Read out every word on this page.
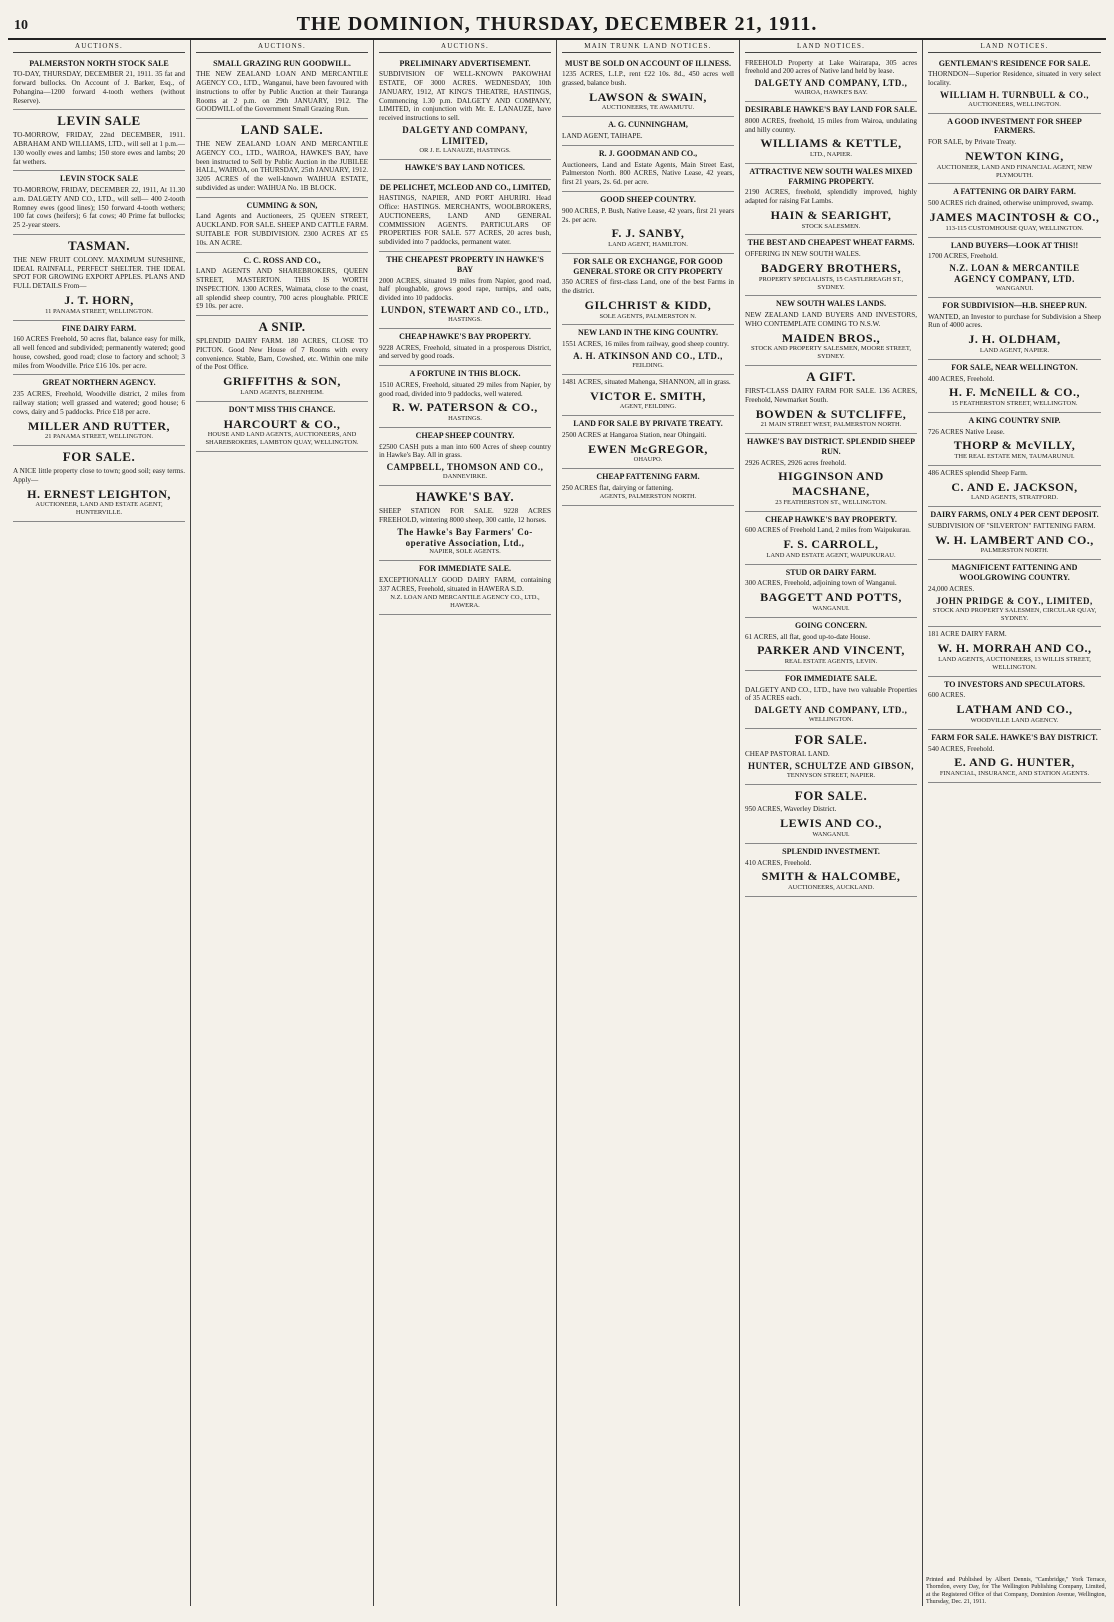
10	THE DOMINION, THURSDAY, DECEMBER 21, 1911.
AUCTIONS.
PALMERSTON NORTH STOCK SALE
TO-DAY, THURSDAY, DECEMBER 21, 1911. 35 fat and forward bullocks. On Account of J. Barker, Esq., of Pohangina—1200 forward 4-tooth wethers (without Reserve).
LEVIN SALE
TO-MORROW, FRIDAY, 22nd DECEMBER, 1911. ABRAHAM AND WILLIAMS, LTD., will sell at 1 p.m.— 130 woolly ewes and lambs; 150 store ewes and lambs; 20 fat wethers.
LEVIN STOCK SALE
TO-MORROW, FRIDAY, DECEMBER 22, 1911, At 11.30 a.m. DALGETY AND CO., LTD., will sell— 400 2-tooth Romney ewes (good lines); 150 forward 4-tooth wethers; 100 fat cows (heifers); 6 fat cows; 40 Prime fat bullocks; 25 2-year steers.
TASMAN.
THE NEW FRUIT COLONY. MAXIMUM SUNSHINE, IDEAL RAINFALL, PERFECT SHELTER. THE IDEAL SPOT FOR GROWING EXPORT APPLES. PLANS AND FULL DETAILS From—
J. T. HORN,
11 PANAMA STREET, WELLINGTON.
FINE DAIRY FARM.
160 ACRES Freehold, 50 acres flat, balance easy for milk, all well fenced and subdivided; permanently watered; good house, cowshed, good road; close to factory and school; 3 miles from Woodville. Price £16 10s. per acre.
GREAT NORTHERN AGENCY.
235 ACRES, Freehold, Woodville district, 2 miles from railway station; well grassed and watered; good house; 6 cows, dairy and 5 paddocks. Price £18 per acre.
MILLER AND RUTTER,
21 PANAMA STREET, WELLINGTON.
FOR SALE.
A NICE little property close to town; good soil; easy terms. Apply—
H. ERNEST LEIGHTON,
AUCTIONEER, LAND AND ESTATE AGENT, HUNTERVILLE.
AUCTIONS.
SMALL GRAZING RUN GOODWILL.
THE NEW ZEALAND LOAN AND MERCANTILE AGENCY CO., LTD., Wanganui, have been favoured with instructions to offer by Public Auction at their Tauranga Rooms at 2 p.m. on 29th JANUARY, 1912. The GOODWILL of the Government Small Grazing Run.
LAND SALE.
THE NEW ZEALAND LOAN AND MERCANTILE AGENCY CO., LTD., WAIROA, HAWKE'S BAY, have been instructed to Sell by Public Auction in the JUBILEE HALL, WAIROA, on THURSDAY, 25th JANUARY, 1912. 3205 ACRES of the well-known WAIHUA ESTATE, subdivided as under: WAIHUA No. 1B BLOCK.
CUMMING & SON,
Land Agents and Auctioneers, 25 QUEEN STREET, AUCKLAND. FOR SALE. SHEEP AND CATTLE FARM. SUITABLE FOR SUBDIVISION. 2300 ACRES AT £5 10s. AN ACRE.
C. C. ROSS AND CO.,
LAND AGENTS AND SHAREBROKERS, QUEEN STREET, MASTERTON. THIS IS WORTH INSPECTION. 1300 ACRES, Waimata, close to the coast, all splendid sheep country, 700 acres ploughable. PRICE £9 10s. per acre.
A SNIP.
SPLENDID DAIRY FARM. 180 ACRES, CLOSE TO PICTON. Good New House of 7 Rooms with every convenience. Stable, Barn, Cowshed, etc. Within one mile of the Post Office.
GRIFFITHS & SON,
LAND AGENTS, BLENHEIM.
DON'T MISS THIS CHANCE.
HARCOURT & CO.,
HOUSE AND LAND AGENTS, AUCTIONEERS, AND SHAREBROKERS, LAMBTON QUAY, WELLINGTON.
AUCTIONS.
PRELIMINARY ADVERTISEMENT.
SUBDIVISION OF WELL-KNOWN PAKOWHAI ESTATE, OF 3000 ACRES. WEDNESDAY, 10th JANUARY, 1912, AT KING'S THEATRE, HASTINGS, Commencing 1.30 p.m. DALGETY AND COMPANY, LIMITED, in conjunction with Mr. E. LANAUZE, have received instructions to sell.
DALGETY AND COMPANY, LIMITED,
OR J. E. LANAUZE, HASTINGS.
HAWKE'S BAY LAND NOTICES.
DE PELICHET, MCLEOD AND CO., LIMITED,
HASTINGS, NAPIER, AND PORT AHURIRI. Head Office: HASTINGS. MERCHANTS, WOOLBROKERS, AUCTIONEERS, LAND AND GENERAL COMMISSION AGENTS. PARTICULARS OF PROPERTIES FOR SALE. 577 ACRES, 20 acres bush, subdivided into 7 paddocks, permanent water.
THE CHEAPEST PROPERTY IN HAWKE'S BAY
2000 ACRES, situated 19 miles from Napier, good road, half ploughable, grows good rape, turnips, and oats, divided into 10 paddocks.
LUNDON, STEWART AND CO., LTD.,
HASTINGS.
CHEAP HAWKE'S BAY PROPERTY.
9228 ACRES, Freehold, situated in a prosperous District, and served by good roads.
A FORTUNE IN THIS BLOCK.
1510 ACRES, Freehold, situated 29 miles from Napier, by good road, divided into 9 paddocks, well watered.
R. W. PATERSON & CO.,
HASTINGS.
CHEAP SHEEP COUNTRY.
£2500 CASH puts a man into 600 Acres of sheep country in Hawke's Bay. All in grass.
CAMPBELL, THOMSON AND CO.,
DANNEVIRKE.
HAWKE'S BAY.
SHEEP STATION FOR SALE. 9228 ACRES FREEHOLD, wintering 8000 sheep, 300 cattle, 12 horses.
The Hawke's Bay Farmers' Co-operative Association, Ltd.,
NAPIER, SOLE AGENTS.
FOR IMMEDIATE SALE.
EXCEPTIONALLY GOOD DAIRY FARM, containing 337 ACRES, Freehold, situated in HAWERA S.D.
N.Z. LOAN AND MERCANTILE AGENCY CO., LTD., HAWERA.
MAIN TRUNK LAND NOTICES.
MUST BE SOLD ON ACCOUNT OF ILLNESS.
1235 ACRES, L.I.P., rent £22 10s. 8d., 450 acres well grassed, balance bush.
LAWSON & SWAIN,
AUCTIONEERS, TE AWAMUTU.
A. G. CUNNINGHAM,
LAND AGENT, TAIHAPE.
R. J. GOODMAN AND CO.,
Auctioneers, Land and Estate Agents, Main Street East, Palmerston North. 800 ACRES, Native Lease, 42 years, first 21 years, 2s. 6d. per acre.
GOOD SHEEP COUNTRY.
900 ACRES, P. Bush, Native Lease, 42 years, first 21 years 2s. per acre.
F. J. SANBY,
LAND AGENT, HAMILTON.
FOR SALE OR EXCHANGE, FOR GOOD GENERAL STORE OR CITY PROPERTY
350 ACRES of first-class Land, one of the best Farms in the district.
GILCHRIST & KIDD,
SOLE AGENTS, PALMERSTON N.
NEW LAND IN THE KING COUNTRY.
1551 ACRES, 16 miles from railway, good sheep country.
A. H. ATKINSON AND CO., LTD.,
FEILDING.
1481 ACRES, situated Mahenga, SHANNON, all in grass.
VICTOR E. SMITH,
AGENT, FEILDING.
LAND FOR SALE BY PRIVATE TREATY.
2500 ACRES at Hangaroa Station, near Ohingaiti.
EWEN McGREGOR,
OHAUPO.
CHEAP FATTENING FARM.
250 ACRES flat, dairying or fattening.
AGENTS, PALMERSTON NORTH.
LAND NOTICES.
FREEHOLD Property at Lake Wairarapa, 305 acres freehold and 200 acres of Native land held by lease.
DALGETY AND COMPANY, LTD.,
WAIROA, HAWKE'S BAY.
DESIRABLE HAWKE'S BAY LAND FOR SALE.
8000 ACRES, freehold, 15 miles from Wairoa, undulating and hilly country.
WILLIAMS & KETTLE,
LTD., NAPIER.
ATTRACTIVE NEW SOUTH WALES MIXED FARMING PROPERTY.
2190 ACRES, freehold, splendidly improved, highly adapted for raising Fat Lambs.
HAIN & SEARIGHT,
STOCK SALESMEN.
THE BEST AND CHEAPEST WHEAT FARMS.
OFFERING IN NEW SOUTH WALES.
BADGERY BROTHERS,
PROPERTY SPECIALISTS, 15 CASTLEREAGH ST., SYDNEY.
NEW SOUTH WALES LANDS.
NEW ZEALAND LAND BUYERS AND INVESTORS, WHO CONTEMPLATE COMING TO N.S.W.
MAIDEN BROS.,
STOCK AND PROPERTY SALESMEN, MOORE STREET, SYDNEY.
A GIFT.
FIRST-CLASS DAIRY FARM FOR SALE. 136 ACRES, Freehold, Newmarket South.
BOWDEN & SUTCLIFFE,
21 MAIN STREET WEST, PALMERSTON NORTH.
HAWKE'S BAY DISTRICT. SPLENDID SHEEP RUN.
2926 ACRES, 2926 acres freehold.
HIGGINSON AND MACSHANE,
23 FEATHERSTON ST., WELLINGTON.
CHEAP HAWKE'S BAY PROPERTY.
600 ACRES of Freehold Land, 2 miles from Waipukurau.
F. S. CARROLL,
LAND AND ESTATE AGENT, WAIPUKURAU.
STUD OR DAIRY FARM.
300 ACRES, Freehold, adjoining town of Wanganui.
BAGGETT AND POTTS,
WANGANUI.
GOING CONCERN.
61 ACRES, all flat, good up-to-date House.
PARKER AND VINCENT,
REAL ESTATE AGENTS, LEVIN.
FOR IMMEDIATE SALE.
DALGETY AND CO., LTD., have two valuable Properties of 35 ACRES each.
DALGETY AND COMPANY, LTD.,
WELLINGTON.
FOR SALE.
CHEAP PASTORAL LAND.
HUNTER, SCHULTZE AND GIBSON,
TENNYSON STREET, NAPIER.
FOR SALE.
950 ACRES, Waverley District.
LEWIS AND CO.,
WANGANUI.
SPLENDID INVESTMENT.
410 ACRES, Freehold.
SMITH & HALCOMBE,
AUCTIONEERS, AUCKLAND.
LAND NOTICES.
GENTLEMAN'S RESIDENCE FOR SALE.
THORNDON—Superior Residence, situated in very select locality.
WILLIAM H. TURNBULL & CO.,
AUCTIONEERS, WELLINGTON.
A GOOD INVESTMENT FOR SHEEP FARMERS.
FOR SALE, by Private Treaty.
NEWTON KING,
AUCTIONEER, LAND AND FINANCIAL AGENT, NEW PLYMOUTH.
A FATTENING OR DAIRY FARM.
500 ACRES rich drained, otherwise unimproved, swamp.
JAMES MACINTOSH & CO.,
113-115 CUSTOMHOUSE QUAY, WELLINGTON.
LAND BUYERS—LOOK AT THIS!!
1700 ACRES, Freehold.
N.Z. LOAN & MERCANTILE AGENCY COMPANY, LTD.
WANGANUI.
FOR SUBDIVISION—H.B. SHEEP RUN.
WANTED, an Investor to purchase for Subdivision a Sheep Run of 4000 acres.
J. H. OLDHAM,
LAND AGENT, NAPIER.
FOR SALE, NEAR WELLINGTON.
400 ACRES, Freehold.
H. F. McNEILL & CO.,
15 FEATHERSTON STREET, WELLINGTON.
A KING COUNTRY SNIP.
726 ACRES Native Lease.
THORP & McVILLY,
THE REAL ESTATE MEN, TAUMARUNUI.
486 ACRES splendid Sheep Farm.
C. AND E. JACKSON,
LAND AGENTS, STRATFORD.
DAIRY FARMS, ONLY 4 PER CENT DEPOSIT.
SUBDIVISION OF "SILVERTON" FATTENING FARM.
W. H. LAMBERT AND CO.,
PALMERSTON NORTH.
MAGNIFICENT FATTENING AND WOOLGROWING COUNTRY.
24,000 ACRES.
JOHN PRIDGE & COY., LIMITED,
STOCK AND PROPERTY SALESMEN, CIRCULAR QUAY, SYDNEY.
181 ACRE DAIRY FARM.
W. H. MORRAH AND CO.,
LAND AGENTS, AUCTIONEERS, 13 WILLIS STREET, WELLINGTON.
TO INVESTORS AND SPECULATORS.
600 ACRES.
LATHAM AND CO.,
WOODVILLE LAND AGENCY.
FARM FOR SALE. HAWKE'S BAY DISTRICT.
540 ACRES, Freehold.
E. AND G. HUNTER,
FINANCIAL, INSURANCE, AND STATION AGENTS.
Printed and Published by Albert Dennis, "Cambridge," York Terrace, Thorndon, every Day, for The Wellington Publishing Company, Limited, at the Registered Office of that Company, Dominion Avenue, Wellington, Thursday, Dec. 21, 1911.
